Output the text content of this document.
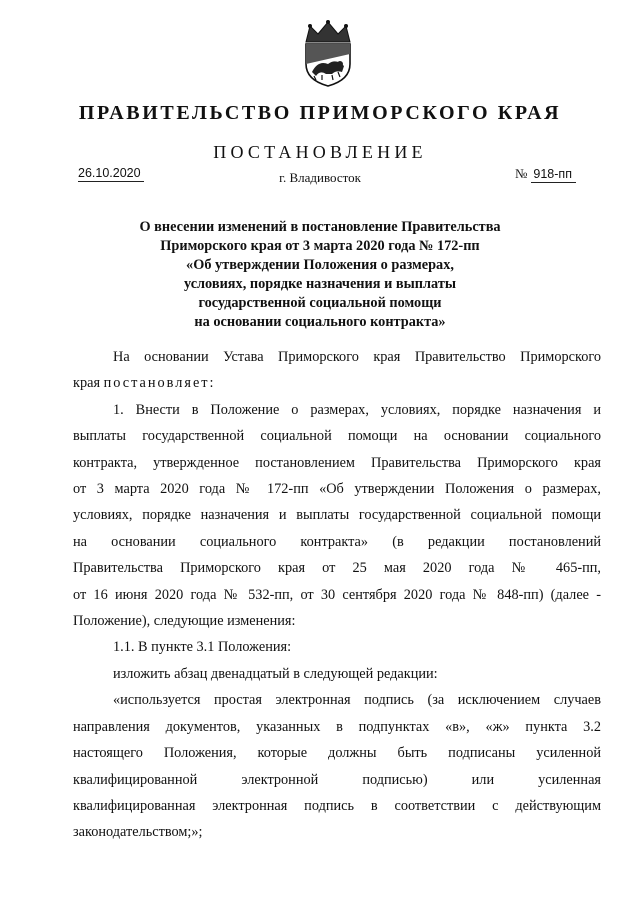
ПРАВИТЕЛЬСТВО ПРИМОРСКОГО КРАЯ
ПОСТАНОВЛЕНИЕ
26.10.2020	г. Владивосток	№ 918-пп
О внесении изменений в постановление Правительства
Приморского края от 3 марта 2020 года № 172-пп
«Об утверждении Положения о размерах,
условиях, порядке назначения и выплаты
государственной социальной помощи
на основании социального контракта»
На основании Устава Приморского края Правительство Приморского
края постановляет:
1. Внести в Положение о размерах, условиях, порядке назначения и
выплаты государственной социальной помощи на основании социального
контракта, утвержденное постановлением Правительства Приморского края
от 3 марта 2020 года № 172-пп «Об утверждении Положения о размерах,
условиях, порядке назначения и выплаты государственной социальной помощи
на основании социального контракта» (в редакции постановлений
Правительства Приморского края от 25 мая 2020 года № 465-пп,
от 16 июня 2020 года № 532-пп, от 30 сентября 2020 года № 848-пп) (далее -
Положение), следующие изменения:
1.1. В пункте 3.1 Положения:
изложить абзац двенадцатый в следующей редакции:
«используется простая электронная подпись (за исключением случаев
направления документов, указанных в подпунктах «в», «ж» пункта 3.2
настоящего Положения, которые должны быть подписаны усиленной
квалифицированной электронной подписью) или усиленная
квалифицированная электронная подпись в соответствии с действующим
законодательством;»;
